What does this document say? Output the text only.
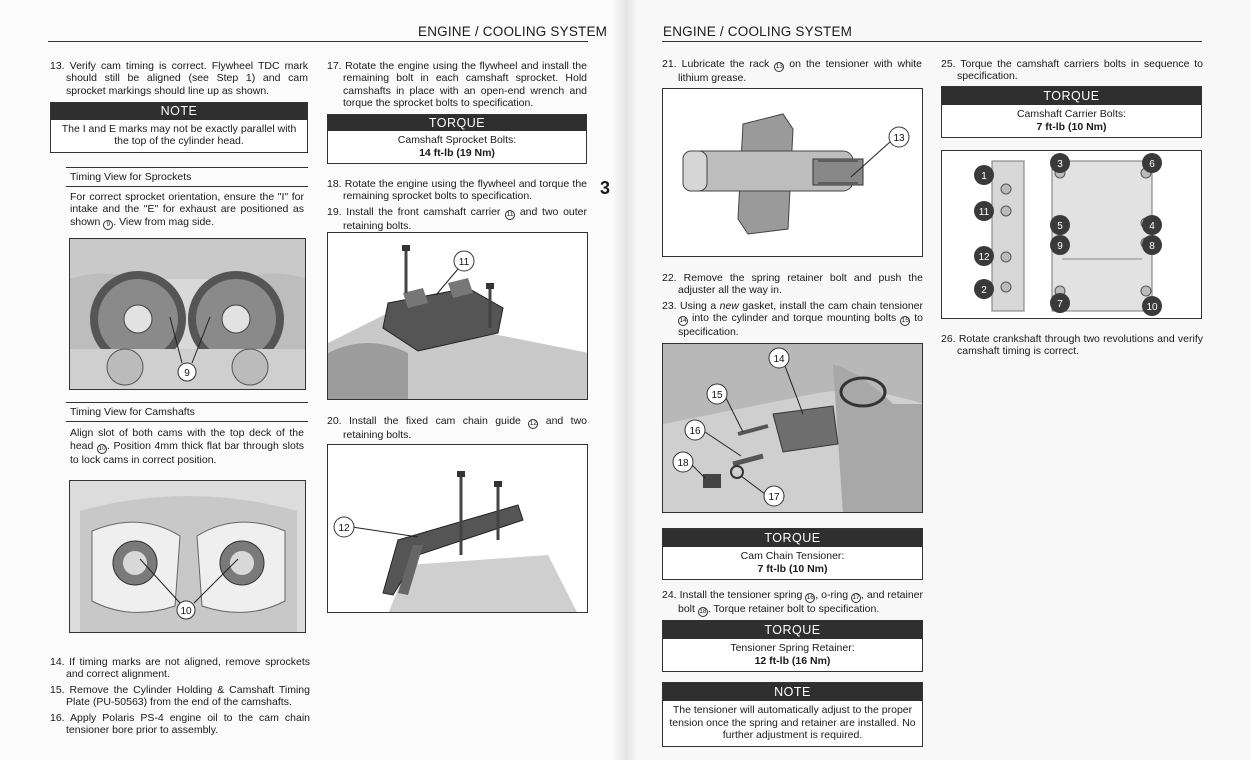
ENGINE / COOLING SYSTEM	ENGINE / COOLING SYSTEM
3

13. Verify cam timing is correct. Flywheel TDC mark should still be aligned (see Step 1) and cam sprocket markings should line up as shown.

NOTE
The I and E marks may not be exactly parallel with the top of the cylinder head.
Timing View for Sprockets

For correct sprocket orientation, ensure the "I" for intake and the "E" for exhaust are positioned as shown 9 . View from mag side.

9
Timing View for Camshafts

Align slot of both cams with the top deck of the head 10. Position 4mm thick flat bar through slots to lock cams in correct position.

10

14. If timing marks are not aligned, remove sprockets and correct alignment.

15. Remove the Cylinder Holding & Camshaft Timing Plate (PU-50563) from the end of the camshafts.

16. Apply Polaris PS-4 engine oil to the cam chain tensioner bore prior to assembly.

17. Rotate the engine using the flywheel and install the remaining bolt in each camshaft sprocket. Hold camshafts in place with an open-end wrench and torque the sprocket bolts to specification.

TORQUE
Camshaft Sprocket Bolts:
14 ft-lb (19 Nm)

18. Rotate the engine using the flywheel and torque the remaining sprocket bolts to specification.

19. Install the front camshaft carrier 11 and two outer retaining bolts.

11

20. Install the fixed cam chain guide 12 and two retaining bolts.

12

21. Lubricate the rack 13 on the tensioner with white lithium grease.

13

22. Remove the spring retainer bolt and push the adjuster all the way in.

23. Using a new gasket, install the cam chain tensioner 14 into the cylinder and torque mounting bolts 15 to specification.

14
15
16
17
18
TORQUE
Cam Chain Tensioner:
7 ft-lb (10 Nm)

24. Install the tensioner spring 16, o-ring 17, and retainer bolt 18. Torque retainer bolt to specification.

TORQUE
Tensioner Spring Retainer:
12 ft-lb (16 Nm)
NOTE
The tensioner will automatically adjust to the proper tension once the spring and retainer are installed. No further adjustment is required.

25. Torque the camshaft carriers bolts in sequence to specification.

TORQUE
Camshaft Carrier Bolts:
7 ft-lb (10 Nm)
1
2
3
4
5
6
7
8
9
10
11
12

26. Rotate crankshaft through two revolutions and verify camshaft timing is correct.
